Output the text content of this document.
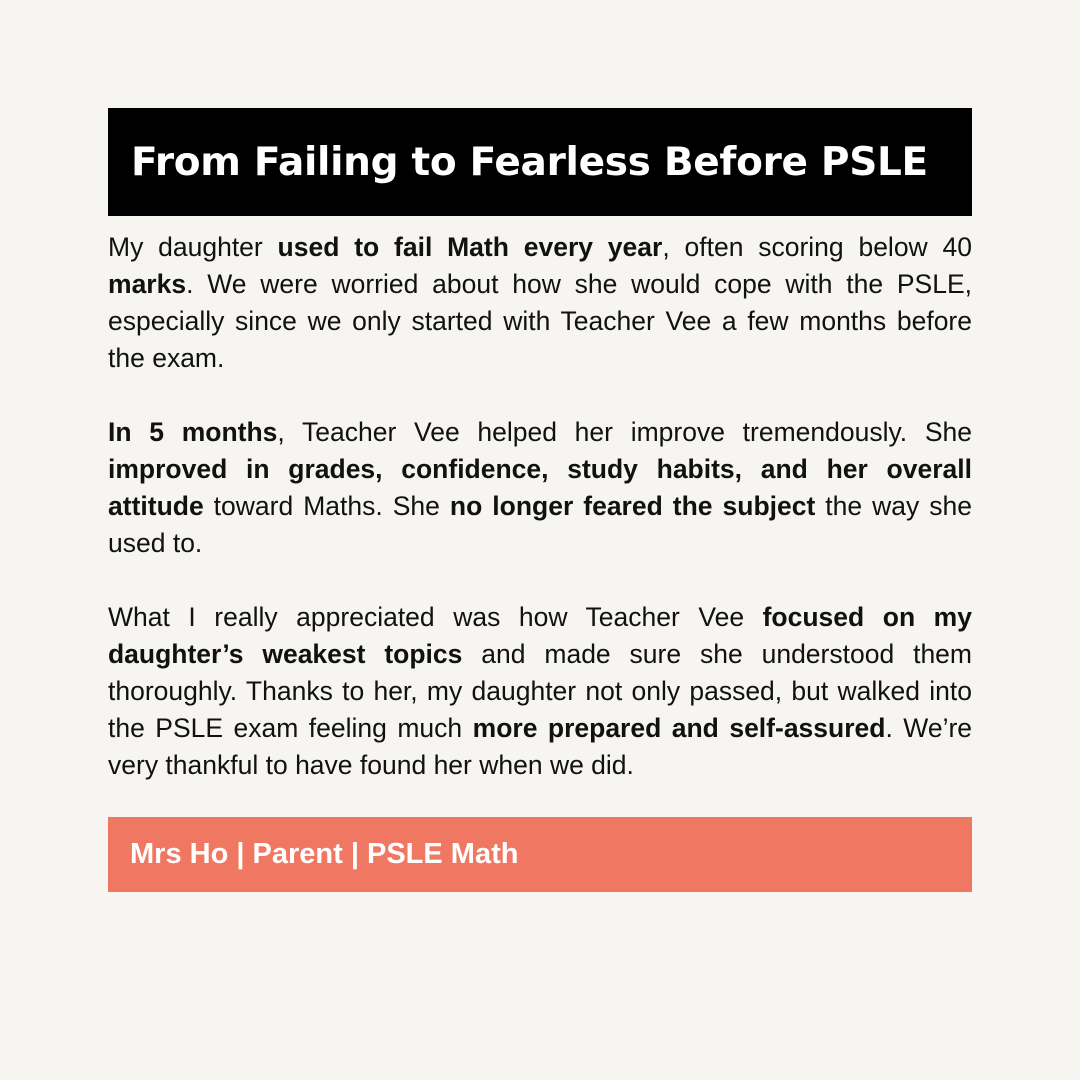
From Failing to Fearless Before PSLE

My daughter used to fail Math every year, often scoring below 40 marks. We were worried about how she would cope with the PSLE, especially since we only started with Teacher Vee a few months before the exam.

In 5 months, Teacher Vee helped her improve tremendously. She improved in grades, confidence, study habits, and her overall attitude toward Maths. She no longer feared the subject the way she used to.

What I really appreciated was how Teacher Vee focused on my daughter’s weakest topics and made sure she understood them thoroughly. Thanks to her, my daughter not only passed, but walked into the PSLE exam feeling much more prepared and self-assured. We’re very thankful to have found her when we did.

Mrs Ho | Parent | PSLE Math
